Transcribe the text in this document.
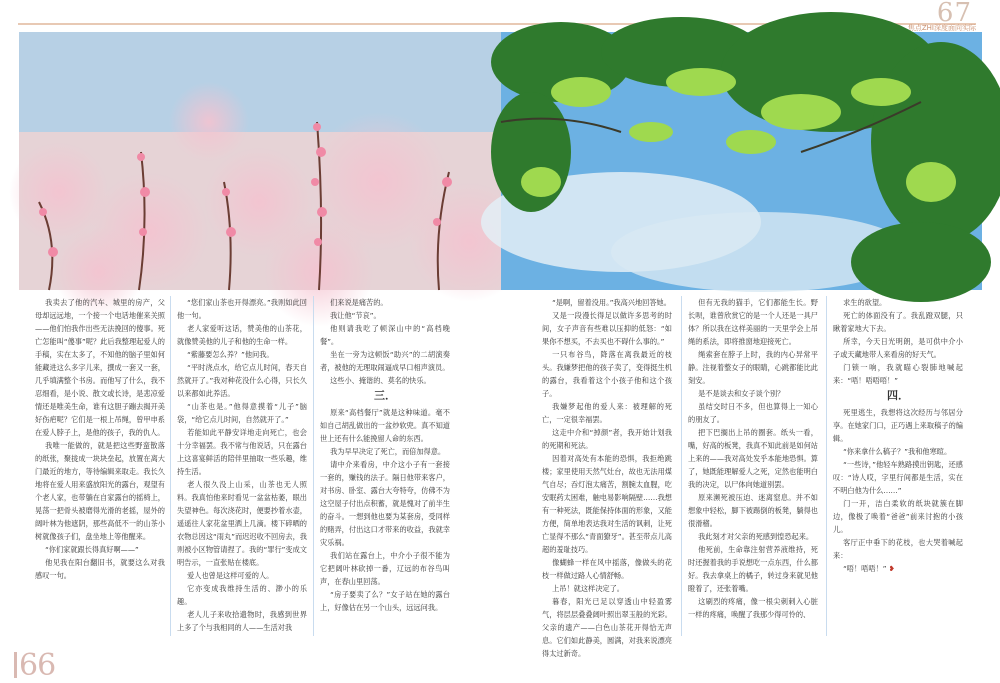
焦点ZHI深度面向实际
67

我卖去了他的汽车、城里的房产，父母却远远地，一个接一个电话地催来关照——他们怕我作出些无法挽回的傻事。死亡怎能叫“傻事”呢？此后我整理起爱人的手稿，实在太多了，不知他的脑子里如何能藏进这么多字儿来，撰成一套又一套，几乎填满整个书房。而他写了什么，我不忍细看，是小说、散文或长诗，是悲凉爱情还是唯美生命，谁有这胆子蹦去揭开美好伤疤呢？它们是一根上吊绳，曾甲申系在爱人脖子上，是他的孩子，我的仇人。

我唯一能做的，就是把这些野蛮散落的纸张，聚拢成一块块垒起，放置在离大门最近的地方，等待编辑来取走。我长久地将在爱人用来盛放阳光的露台，观望有个老人家，也带躺在自家露台的摇椅上，晃荡一把骨头被磨得光滑的老摇，屋外的阔叶林为他遮阴，那些高低不一的山茶小树就像孩子们，盘坐地上等他醒来。

“你们家就跟长得真好啊——”

他见我在阳台翻旧书，就要这么对我感叹一句。

“您们家山茶也开得漂亮。”我则如此回他一句。

老人家爱听这话，赞美他的山茶花，就像赞美他的儿子和他的生命一样。

“紫藤要怎么养？”他问我。

“平时浇点水，给它点儿时间，春天自然就开了。”我对种花没什么心得，只长久以来都如此养活。

“山茶也是。”他得意摸着“儿子”脑袋，“给它点儿时间，自然就开了。”

若能如此平静安详地走向死亡，也会十分幸福罢。我不常与他说话，只在露台上这喜宴鲜活的陪伴里抽取一些乐趣，维持生活。

老人很久没上山采，山茶也无人照料。我真怕他来时看见一盆盆枯萎，眼出失望神色。每次浇花时，便要抄着水壶，遥遥往人家花盆里洒上几滴。楼下碎晒的衣物总因这“雨丸”而迟迟收不回房去，我则被小区物管请捏了。我的“罪行”变成文明告示，一直张贴在楼底。

爱人也曾是这样可爱的人。

它亦变成我维持生活的、渺小的乐趣。

老人儿子来收拾遗物时，我感到世界上多了个与我相同的人——生活对我

们来说是痛苦的。

我让他“节哀”。

他则请我吃了顿深山中的“高档晚餐”。

坐在一旁为这顿饭“助兴”的二胡演奏者，被他的无理取闹逼成早口相声演员。

这些小、掩谐的、莫名的快乐。

三．

原来“高档餐厅”就是这种味道。毫不如自己胡乱做出的一盆炒软兜。真不知道世上还有什么能挽留人命的东西。

我为早早决定了死亡，而倍加得意。

请中介来看房，中介这小子有一套接一套的，赚钱的法子。隔日他带来客户，对书房、卧室、露台大夸特夸，仿佛不为这空屋子付出点积蓄，就是愧对了前半生的奋斗。一想到他也要为某套房，受同样的赌弄，付出这口才带来的收益，我就幸灾乐祸。

我们站在露台上，中介小子很不能为它把阔叶林砍掉一番，辽远的布谷鸟叫声，在春山里回荡。

“房子要卖了么？”女子站在她的露台上，好像估在另一个山头，远远问我。

“是啊，留着没用。”我高兴地回答她。

又是一段漫长得足以做许多思考的时间，女子声音有些难以压抑的低怒：“如果你不想买，不去买也不碍什么事的。”

一只布谷鸟，降落在离我最近的枝头。我嫌梦把他的孩子卖了，变得挺生机的露台，我看着这个小孩子他和这个孩子。

我嫌梦起他的爱人来：被理解的死亡，一定很幸福罢。

这走中介和“掉颜”者，我开始计划我的死期和死法。

因着对高处有本能的恐惧，我拒绝跳楼；家里使用天然气灶台，故也无法用煤气自尽；吞灯泡太痛苦，割腕太血腥，吃安眠药太困难，触电易影响隔壁……我想有一种死法，既能保持体面的形象，又能方便，简单地表达我对生活的讽刺，让死亡显得不那么“青面獠牙”。甚至带点儿高超的羞耻技巧。

像蝴蜂一样在风中摇落，像做头的花枝一样做过路人心情舒畅。

上吊！就这样决定了。

暮春，阳光已足以穿透山中轻盈雾气，将层层叠叠阔叶照出翠玉般的光彩。父亲的遗产——白色山茶花开得恰无声息。它们如此静美，圆满，对我来说漂亮得太过新奇。

但有无我的猫手，它们都能生长。野长呗，谁曾欣赏它的是一个人还是一具尸体？所以我在这样美丽的一天里学会上吊绳的系法，即将推窗地迎接死亡。

绳索套在脖子上时，我的内心异常平静。注视着整女子的眼睛，心跳都能比此刻安。

是不是谈去和女子谈个别？

虽结交时日不多，但也算得上一知心的朋友了。

把下巴搁出上吊的圈套。纸头一看，嘴，好高的板凳，我真不知此前是如何站上来的——我对高处发乎本能地恐惧。算了，她既能理解爱人之死，定然也能明白我的决定，以尸体向她道别罢。

原来濒死被压迫、迷离窒息。并不如想象中轻松，脚下被踢倒的板凳，躺得也很滑稽。

我此刻才对父亲的死感到惶恐起来。

他死前，生命靠注射营养液维持，死时还握着我的手说想吃一点东西，什么都好。我去拿桌上的橘子，转过身来就见他瞪着了，还张着嘴。

这刷烈的疼痛，像一根尖刺刺入心脏一样的疼痛，唤醒了我那少得可怜的、

求生的欲望。

死亡的体面没有了。我乱蹬双腿，只瞅着家地大下去。

所幸，今天日光明朗，是可供中介小子或天藏地带人来看房的好天气。

门锁一响，我就瞄心裂肺地喊起来：“唔！唔唔唔！”

四．

死里逃生，我想将这次经历与邻居分享。在她家门口，正巧遇上来取稿子的编辑。

“你来拿什么稿子？”我和他寒暄。

“一些诗，”他轻车熟路摸出钥匙，还感叹：“诗人哎，字里行间都是生活，实在不明白他为什么……”

门一开，洁白柔软的纸块就簇在脚边，像极了唤着“爸爸”前来讨抱的小孩儿。

客厅正中垂下的花枝，也大哭着喊起来：

“唔！唔唔！” ❥

66
